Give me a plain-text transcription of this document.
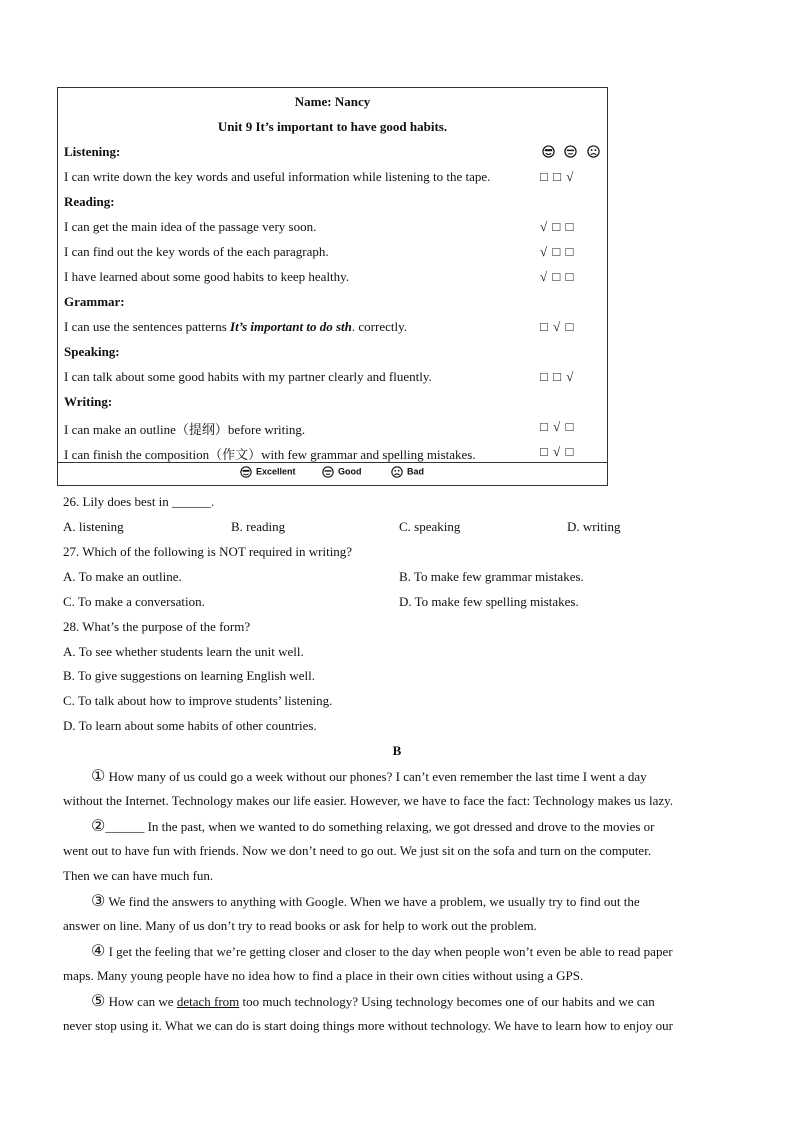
Name: Nancy
Unit 9 It’s important to have good habits.
Listening:

I can write down the key words and useful information while listening to the tape.	□ □ √
Reading:
I can get the main idea of the passage very soon.	√ □ □
I can find out the key words of the each paragraph.	√ □ □
I have learned about some good habits to keep healthy.	√ □ □
Grammar:
I can use the sentences patterns It’s important to do sth. correctly.	□ √ □
Speaking:
I can talk about some good habits with my partner clearly and fluently.	□ □ √
Writing:
I can make an outline（提纲）before writing.	□ √ □
I can finish the composition（作文）with few grammar and spelling mistakes.	□ √ □
Excellent	Good	Bad
26. Lily does best in ______.
A. listening	B. reading	C. speaking	D. writing
27. Which of the following is NOT required in writing?
A. To make an outline.	B. To make few grammar mistakes.
C. To make a conversation.	D. To make few spelling mistakes.
28. What’s the purpose of the form?
A. To see whether students learn the unit well.
B. To give suggestions on learning English well.
C. To talk about how to improve students’ listening.
D. To learn about some habits of other countries.
B
① How many of us could go a week without our phones? I can’t even remember the last time I went a day
without the Internet. Technology makes our life easier. However, we have to face the fact: Technology makes us lazy.
②______ In the past, when we wanted to do something relaxing, we got dressed and drove to the movies or
went out to have fun with friends. Now we don’t need to go out. We just sit on the sofa and turn on the computer.
Then we can have much fun.
③ We find the answers to anything with Google. When we have a problem, we usually try to find out the
answer on line. Many of us don’t try to read books or ask for help to work out the problem.
④ I get the feeling that we’re getting closer and closer to the day when people won’t even be able to read paper
maps. Many young people have no idea how to find a place in their own cities without using a GPS.
⑤ How can we detach from too much technology? Using technology becomes one of our habits and we can
never stop using it. What we can do is start doing things more without technology. We have to learn how to enjoy our
